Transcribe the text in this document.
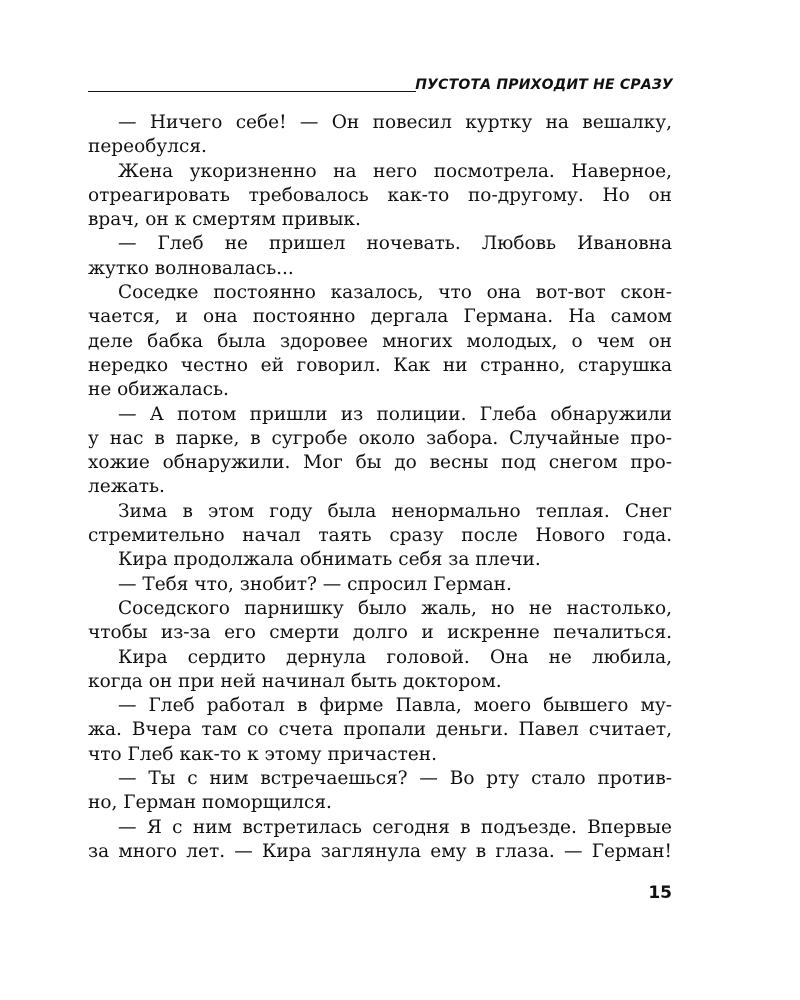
ПУСТОТА ПРИХОДИТ НЕ СРАЗУ
— Ничего себе! — Он повесил куртку на вешалку,
переобулся.
Жена укоризненно на него посмотрела. Наверное,
отреагировать требовалось как-то по-другому. Но он
врач, он к смертям привык.
— Глеб не пришел ночевать. Любовь Ивановна
жутко волновалась...
Соседке постоянно казалось, что она вот-вот скон-
чается, и она постоянно дергала Германа. На самом
деле бабка была здоровее многих молодых, о чем он
нередко честно ей говорил. Как ни странно, старушка
не обижалась.
— А потом пришли из полиции. Глеба обнаружили
у нас в парке, в сугробе около забора. Случайные про-
хожие обнаружили. Мог бы до весны под снегом про-
лежать.
Зима в этом году была ненормально теплая. Снег
стремительно начал таять сразу после Нового года.
Кира продолжала обнимать себя за плечи.
— Тебя что, знобит? — спросил Герман.
Соседского парнишку было жаль, но не настолько,
чтобы из-за его смерти долго и искренне печалиться.
Кира сердито дернула головой. Она не любила,
когда он при ней начинал быть доктором.
— Глеб работал в фирме Павла, моего бывшего му-
жа. Вчера там со счета пропали деньги. Павел считает,
что Глеб как-то к этому причастен.
— Ты с ним встречаешься? — Во рту стало против-
но, Герман поморщился.
— Я с ним встретилась сегодня в подъезде. Впервые
за много лет. — Кира заглянула ему в глаза. — Герман!
15
